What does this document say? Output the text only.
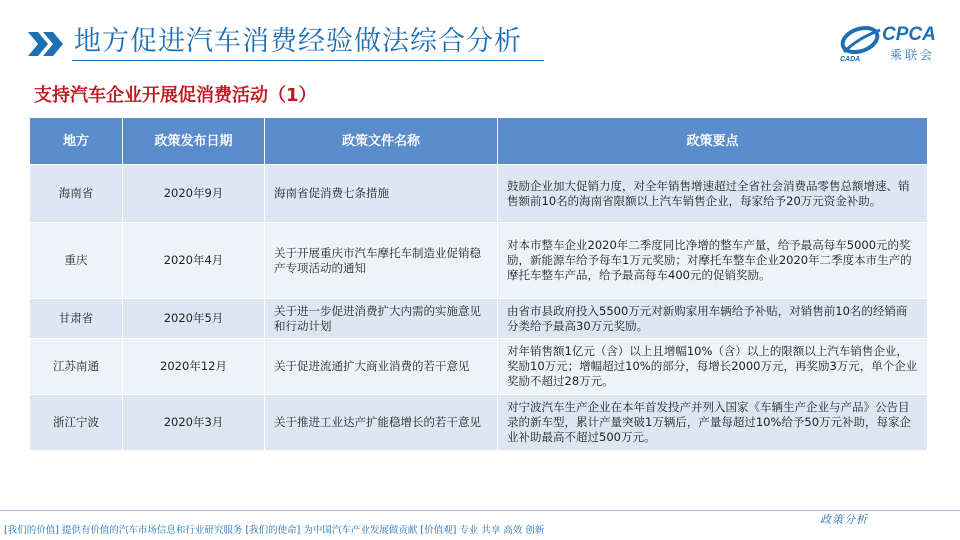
地方促进汽车消费经验做法综合分析
CADA
CPCA
乘联会
支持汽车企业开展促消费活动（1）
地方	政策发布日期	政策文件名称	政策要点
海南省	2020年9月	海南省促消费七条措施	鼓励企业加大促销力度，对全年销售增速超过全省社会消费品零售总额增速、销售额前10名的海南省限额以上汽车销售企业，每家给予20万元资金补助。
重庆	2020年4月	关于开展重庆市汽车摩托车制造业促销稳产专项活动的通知	对本市整车企业2020年二季度同比净增的整车产量，给予最高每车5000元的奖励，新能源车给予每车1万元奖励；对摩托车整车企业2020年二季度本市生产的摩托车整车产品，给予最高每车400元的促销奖励。
甘肃省	2020年5月	关于进一步促进消费扩大内需的实施意见和行动计划	由省市县政府投入5500万元对新购家用车辆给予补贴，对销售前10名的经销商分类给予最高30万元奖励。
江苏南通	2020年12月	关于促进流通扩大商业消费的若干意见	对年销售额1亿元（含）以上且增幅10%（含）以上的限额以上汽车销售企业，奖励10万元；增幅超过10%的部分，每增长2000万元，再奖励3万元，单个企业奖励不超过28万元。
浙江宁波	2020年3月	关于推进工业达产扩能稳增长的若干意见	对宁波汽车生产企业在本年首发投产并列入国家《车辆生产企业与产品》公告目录的新车型，累计产量突破1万辆后，产量每超过10%给予50万元补助，每家企业补助最高不超过500万元。
政策分析
[我们的价值] 提供有价值的汽车市场信息和行业研究服务 [我们的使命] 为中国汽车产业发展做贡献 [价值观] 专业 共享 高效 创新
